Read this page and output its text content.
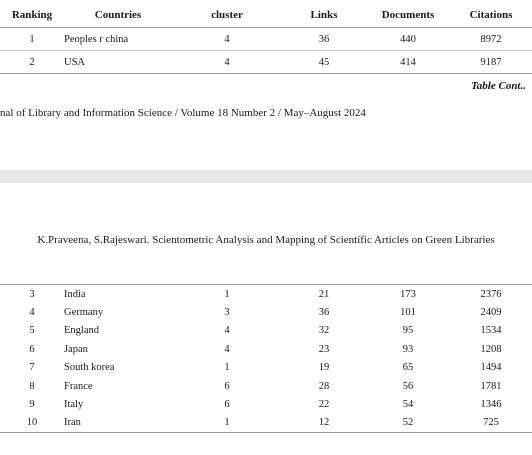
Ranking	Countries	cluster	Links	Documents	Citations
1	Peoples r china	4	36	440	8972
2	USA	4	45	414	9187
Table Cont..
nal of Library and Information Science / Volume 18 Number 2 / May–August 2024
K.Praveena, S.Rajeswari. Scientometric Analysis and Mapping of Scientific Articles on Green Libraries
3	India	1	21	173	2376
4	Germany	3	36	101	2409
5	England	4	32	95	1534
6	Japan	4	23	93	1208
7	South korea	1	19	65	1494
8	France	6	28	56	1781
9	Italy	6	22	54	1346
10	Iran	1	12	52	725
